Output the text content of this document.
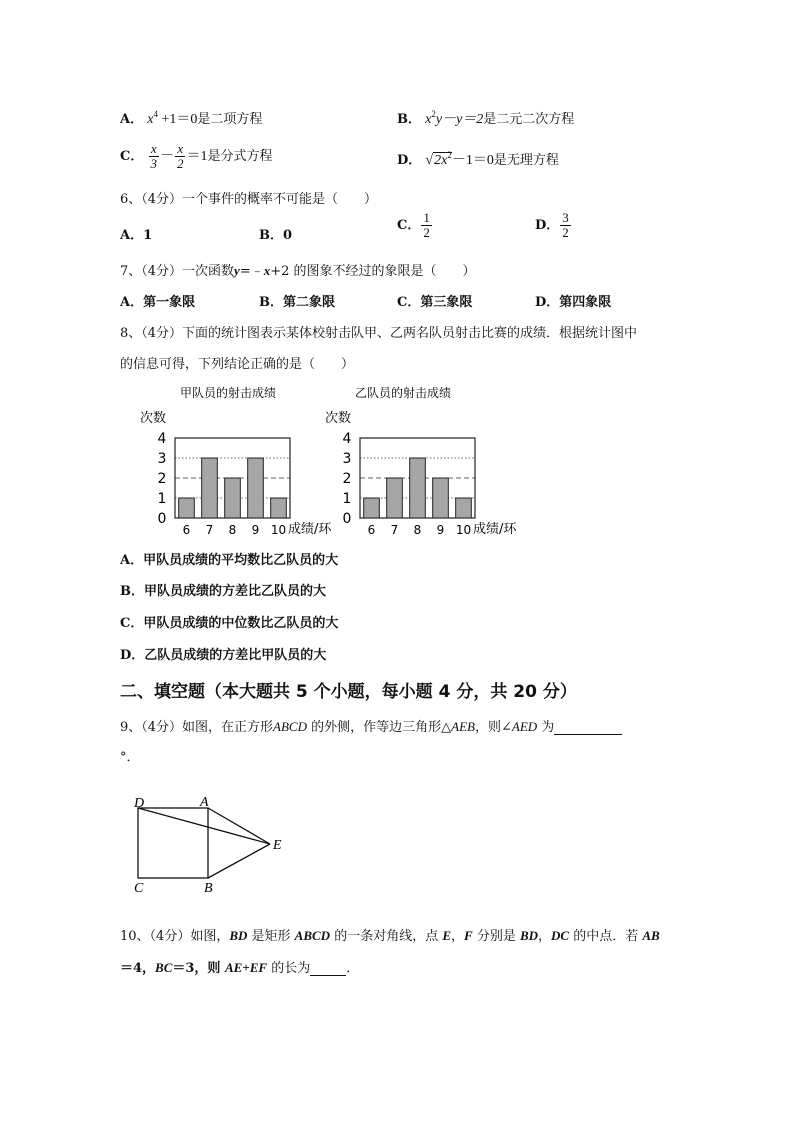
A． $x^4 +1=0$是二项方程	B． $x^2y-y=2$是二元二次方程
C． $\frac{x}{3} - \frac{x}{2} =1$是分式方程	D． $√2x^2-1=0$是无理方程
6、（4分）一个事件的概率不可能是（　　）
A．1	B．0
C． $\frac{1}{2}$	D． $\frac{3}{2}$
7、（4分）一次函数y=﹣x+2 的图象不经过的象限是（　　）
A．第一象限	B．第二象限	C．第三象限	D．第四象限
8、（4分）下面的统计图表示某体校射击队甲、乙两名队员射击比赛的成绩．根据统计图中
的信息可得，下列结论正确的是（　　）
甲队员的射击成绩
次数
0
1
2
3
4
6 7 8 9 10 成绩/环
乙队员的射击成绩
次数
0
1
2
3
4
6 7 8 9 10 成绩/环
A．甲队员成绩的平均数比乙队员的大
B．甲队员成绩的方差比乙队员的大
C．甲队员成绩的中位数比乙队员的大
D．乙队员成绩的方差比甲队员的大
二、填空题（本大题共 5 个小题，每小题 4 分，共 20 分）
9、（4分）如图，在正方形ABCD 的外侧，作等边三角形△AEB，则∠AED 为
°．
D	A
E
C	B
10、（4分）如图，BD 是矩形 ABCD 的一条对角线，点 E，F 分别是 BD，DC 的中点．若 AB
＝4，BC＝3，则 AE+EF 的长为	．
